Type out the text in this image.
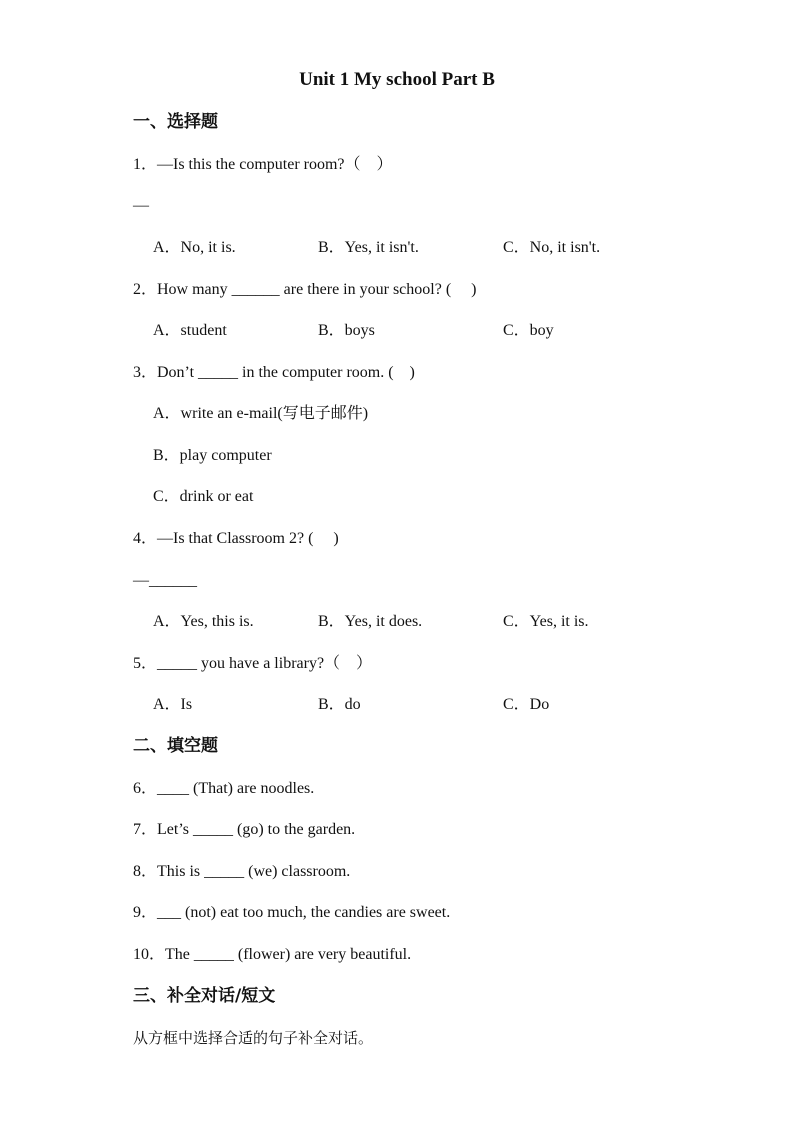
Unit 1 My school Part B
一、选择题
1．—Is this the computer room?（    ）
—
A．No, it is.	B．Yes, it isn't.	C．No, it isn't.
2．How many ______ are there in your school? (     )
A．student	B．boys	C．boy
3．Don’t _____ in the computer room. (    )
A．write an e-mail(写电子邮件)
B．play computer
C．drink or eat
4．—Is that Classroom 2? (     )
—______
A．Yes, this is.	B．Yes, it does.	C．Yes, it is.
5．_____ you have a library?（    ）
A．Is	B．do	C．Do
二、填空题
6．____ (That) are noodles.
7．Let’s _____ (go) to the garden.
8．This is _____ (we) classroom.
9．___ (not) eat too much, the candies are sweet.
10．The _____ (flower) are very beautiful.
三、补全对话/短文
从方框中选择合适的句子补全对话。
